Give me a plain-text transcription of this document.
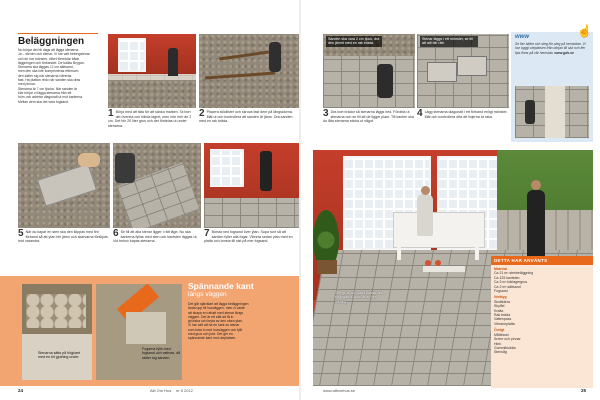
Beläggningen
Nu börjar det bli dags att lägga stenarna.
Ja – stenen och stenar. Vi har valt betongstenar
och de har mönster, vilket förenklar både
läggningen och förbandet. De kallas Brygan.
Stenarna ska läggas i 2 cm sättsand,
men den ska inte komprimeras eftersom
den sätter sig när stenarna vibreras
fast. Ha plattan redo när sanden ska dras
med pinnar.
Stenarna är 7 cm tjocka. När sanden är
klar börjar vi lägga stenarna från ett
hörn och arbetar diagonalt ut mot kanterna.
Mellan dem ska det vara fogsand.
1 Börja med att täta för att sänka marken. Ta bort det översta och hårda lagret, men inte mer än 2 cm. Det blir 20 liter grus och det fördelas ut under stenarna.
2 Placera stödlister och skruva fast dem på långsidorna. Mät ut och kontrollera att sanden är jämn. Dra sanden med en rak bräda.
5 När du kapar en sten ska den klippas med fint förband så att ytan blir jämn och skarvarna förskjuts mot varandra.
6 Se till att alla stenar ligger i rätt läge. Nu ska kanterna fyllas med sten och kantsten läggas ut. Vid behov kapas stenarna.
7 Borsta ned fogsand över ytan. Sopa runt så att sanden fyller alla fogar. Vibrera sedan ytan med en platta och borsta till sist på mer fogsand.
Stenarna sätts på högkant med en bit gjutning under.
Fogarna fylls med fogsand och vattnas, då sätter sig sanden.
Spännande kant
längs väggen
Det går självklart att lägga beläggningen
ända upp till husväggen, men vi valde
att skapa en rabatt med stenar längs
väggen. Det är ett sätt att få in
grönska och bryta av den stora ytan.
Vi har valt att ha en kant av stenar
som lutar in mot husväggen och fyllt
med grus och jord. Det ger en
spännande kant mot uteplatsen.
24	Allt Om Hus nr 5 2012
Sanden ska vara 2 cm tjock, dra den jämnt med en rak bräda.
Stenar läggs i ett mönster, se till att allt blir rätt.
3 Dra bort brädor så stenarna läggs ned. Fördela ut stenarna och se till att de ligger plant. Till kanten ska du låta stenarna sticka ut något.
4 Lägg stenarna diagonalt i ett förband enligt mönster. Mät och kontrollera ofta att linjerna är raka.
www	☝
Se fler bilder och steg-för-steg på hemsidan. Vi har byggt uteplatsen från början till slut och fler tips finns på vår hemsida. www.gds.se
Stengrus och sand passar fint för fogarna, som är en bra lösning.
DETTA HAR ANVÄNTS
Material
Ca 21 m² stenbeläggning
Ca 125 kantsten
Ca 3 m³ bärlagergrus
Ca 2 m³ sättsand
Fogsand
Verktyg
Skottkärra
Skyffel
Kratta
Rak bräda
Vattenpass
Vibratorplatta
Övrigt
Måttband
Snöre och pinnar
Hink
Gummiklubba
Stensåg
www.alltomhus.se	25
